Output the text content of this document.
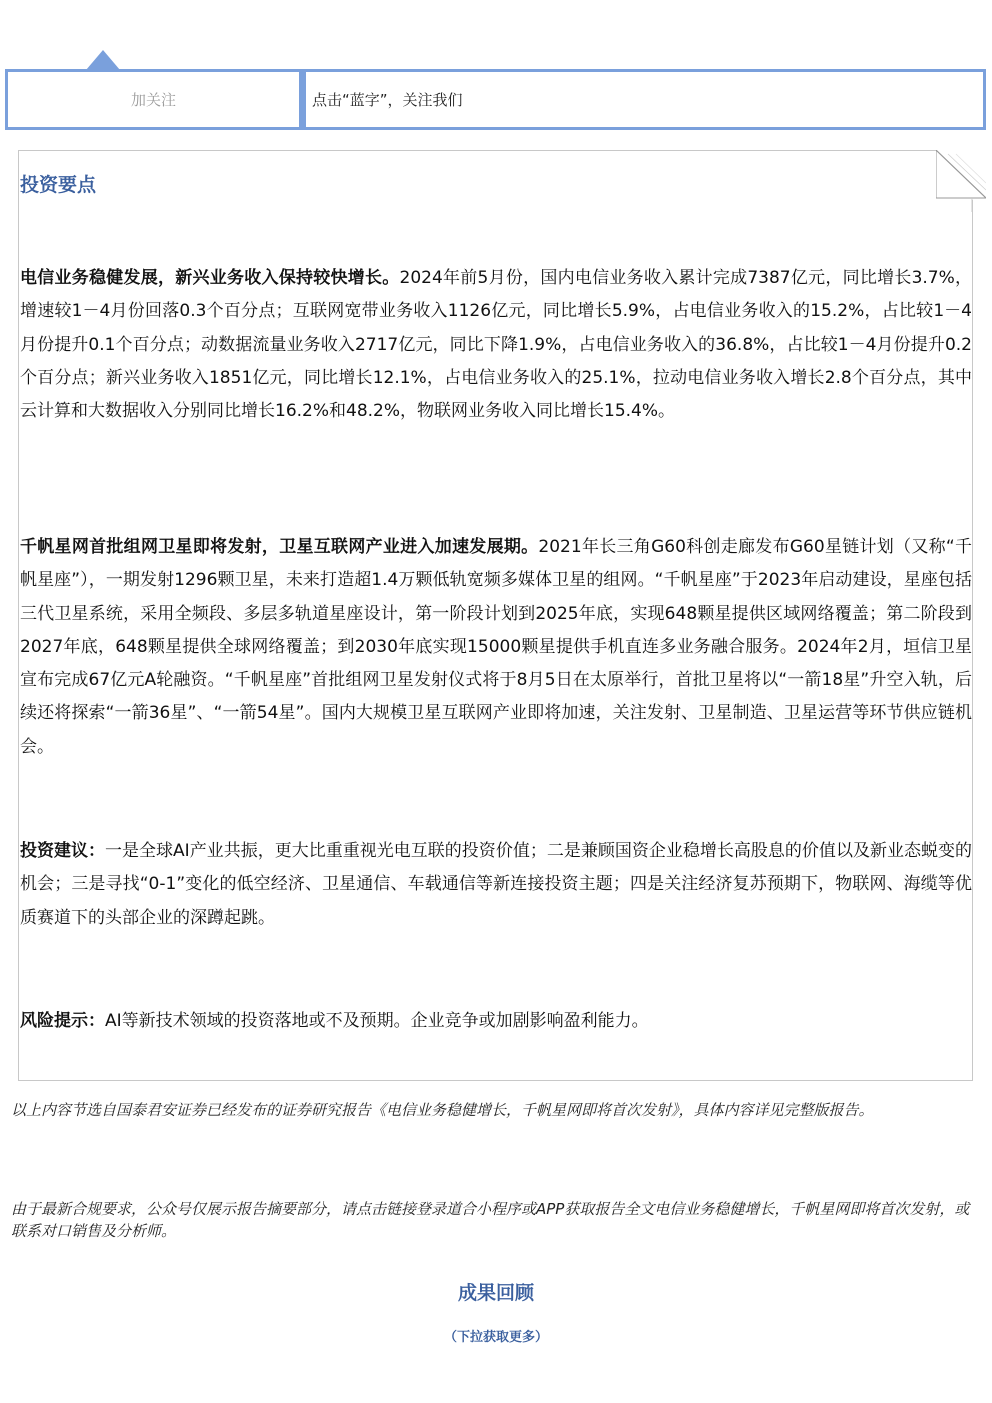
加关注	点击“蓝字”，关注我们
投资要点
电信业务稳健发展，新兴业务收入保持较快增长。2024年前5月份，国内电信业务收入累计完成7387亿元，同比增长3.7%，增速较1－4月份回落0.3个百分点；互联网宽带业务收入1126亿元，同比增长5.9%，占电信业务收入的15.2%，占比较1－4月份提升0.1个百分点；动数据流量业务收入2717亿元，同比下降1.9%，占电信业务收入的36.8%，占比较1－4月份提升0.2个百分点；新兴业务收入1851亿元，同比增长12.1%，占电信业务收入的25.1%，拉动电信业务收入增长2.8个百分点，其中云计算和大数据收入分别同比增长16.2%和48.2%，物联网业务收入同比增长15.4%。
千帆星网首批组网卫星即将发射，卫星互联网产业进入加速发展期。2021年长三角G60科创走廊发布G60星链计划（又称“千帆星座”），一期发射1296颗卫星，未来打造超1.4万颗低轨宽频多媒体卫星的组网。“千帆星座”于2023年启动建设，星座包括三代卫星系统，采用全频段、多层多轨道星座设计，第一阶段计划到2025年底，实现648颗星提供区域网络覆盖；第二阶段到2027年底，648颗星提供全球网络覆盖；到2030年底实现15000颗星提供手机直连多业务融合服务。2024年2月，垣信卫星宣布完成67亿元A轮融资。“千帆星座”首批组网卫星发射仪式将于8月5日在太原举行，首批卫星将以“一箭18星”升空入轨，后续还将探索“一箭36星”、“一箭54星”。国内大规模卫星互联网产业即将加速，关注发射、卫星制造、卫星运营等环节供应链机会。
投资建议：一是全球AI产业共振，更大比重重视光电互联的投资价值；二是兼顾国资企业稳增长高股息的价值以及新业态蜕变的机会；三是寻找“0-1”变化的低空经济、卫星通信、车载通信等新连接投资主题；四是关注经济复苏预期下，物联网、海缆等优质赛道下的头部企业的深蹲起跳。
风险提示：AI等新技术领域的投资落地或不及预期。企业竞争或加剧影响盈利能力。
以上内容节选自国泰君安证券已经发布的证券研究报告《电信业务稳健增长，千帆星网即将首次发射》，具体内容详见完整版报告。
由于最新合规要求，公众号仅展示报告摘要部分，请点击链接登录道合小程序或APP获取报告全文电信业务稳健增长，千帆星网即将首次发射，或联系对口销售及分析师。
成果回顾
（下拉获取更多）
